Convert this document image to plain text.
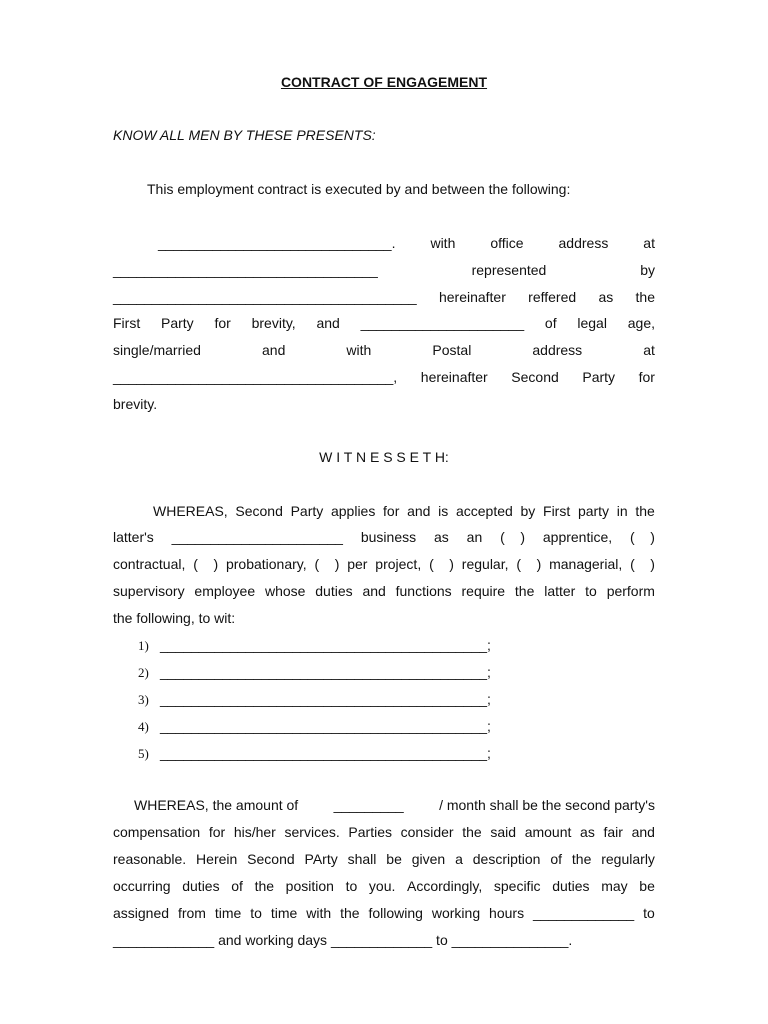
CONTRACT OF ENGAGEMENT
KNOW ALL MEN BY THESE PRESENTS:
This employment contract is executed by and between the following:
______________________________. with office address at
__________________________________	represented	by
_______________________________________ hereinafter reffered as the
First Party for brevity, and _____________________ of legal age,
single/married	and	with	Postal	address	at
____________________________________, hereinafter Second Party for
brevity.
W I T N E S S E T H:
WHEREAS, Second Party applies for and is accepted by First party in the
latter's ______________________ business as an (    ) apprentice, (    )
contractual, (    ) probationary, (    ) per project, (    ) regular, (    ) managerial, (    )
supervisory employee whose duties and functions require the latter to perform
the following, to wit:
1) __________________________________________;
2) __________________________________________;
3) __________________________________________;
4) __________________________________________;
5) __________________________________________;
WHEREAS, the amount of	_________	/ month shall be the second party's
compensation for his/her services. Parties consider the said amount as fair and
reasonable. Herein Second PArty shall be given a description of the regularly
occurring duties of the position to you. Accordingly, specific duties may be
assigned from time to time with the following working hours _____________ to
_____________ and working days _____________ to _______________.
